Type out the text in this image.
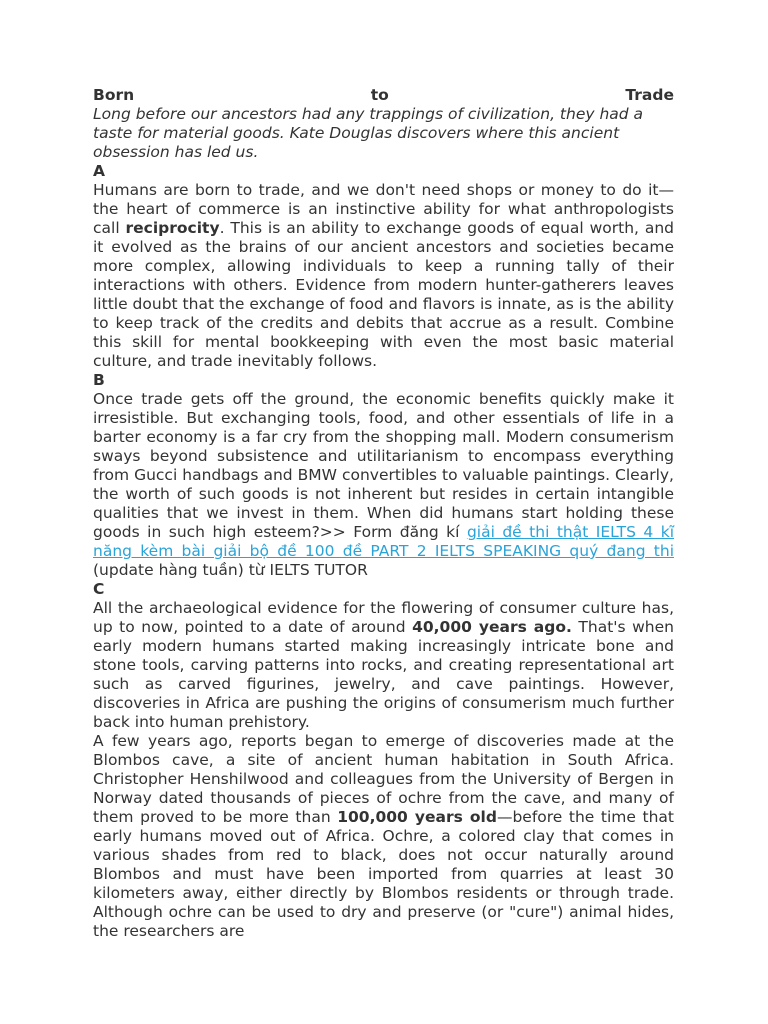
Born	to	Trade

Long before our ancestors had any trappings of civilization, they had a taste for material goods. Kate Douglas discovers where this ancient obsession has led us.

A

Humans are born to trade, and we don't need shops or money to do it—the heart of commerce is an instinctive ability for what anthropologists call reciprocity. This is an ability to exchange goods of equal worth, and it evolved as the brains of our ancient ancestors and societies became more complex, allowing individuals to keep a running tally of their interactions with others. Evidence from modern hunter-gatherers leaves little doubt that the exchange of food and flavors is innate, as is the ability to keep track of the credits and debits that accrue as a result. Combine this skill for mental bookkeeping with even the most basic material culture, and trade inevitably follows.

B

Once trade gets off the ground, the economic benefits quickly make it irresistible. But exchanging tools, food, and other essentials of life in a barter economy is a far cry from the shopping mall. Modern consumerism sways beyond subsistence and utilitarianism to encompass everything from Gucci handbags and BMW convertibles to valuable paintings. Clearly, the worth of such goods is not inherent but resides in certain intangible qualities that we invest in them. When did humans start holding these goods in such high esteem?>> Form đăng kí giải đề thi thật IELTS 4 kĩ năng kèm bài giải bộ đề 100 đề PART 2 IELTS SPEAKING quý đang thi (update hàng tuần) từ IELTS TUTOR

C

All the archaeological evidence for the flowering of consumer culture has, up to now, pointed to a date of around 40,000 years ago. That's when early modern humans started making increasingly intricate bone and stone tools, carving patterns into rocks, and creating representational art such as carved figurines, jewelry, and cave paintings. However, discoveries in Africa are pushing the origins of consumerism much further back into human prehistory.

A few years ago, reports began to emerge of discoveries made at the Blombos cave, a site of ancient human habitation in South Africa. Christopher Henshilwood and colleagues from the University of Bergen in Norway dated thousands of pieces of ochre from the cave, and many of them proved to be more than 100,000 years old—before the time that early humans moved out of Africa. Ochre, a colored clay that comes in various shades from red to black, does not occur naturally around Blombos and must have been imported from quarries at least 30 kilometers away, either directly by Blombos residents or through trade. Although ochre can be used to dry and preserve (or "cure") animal hides, the researchers are
